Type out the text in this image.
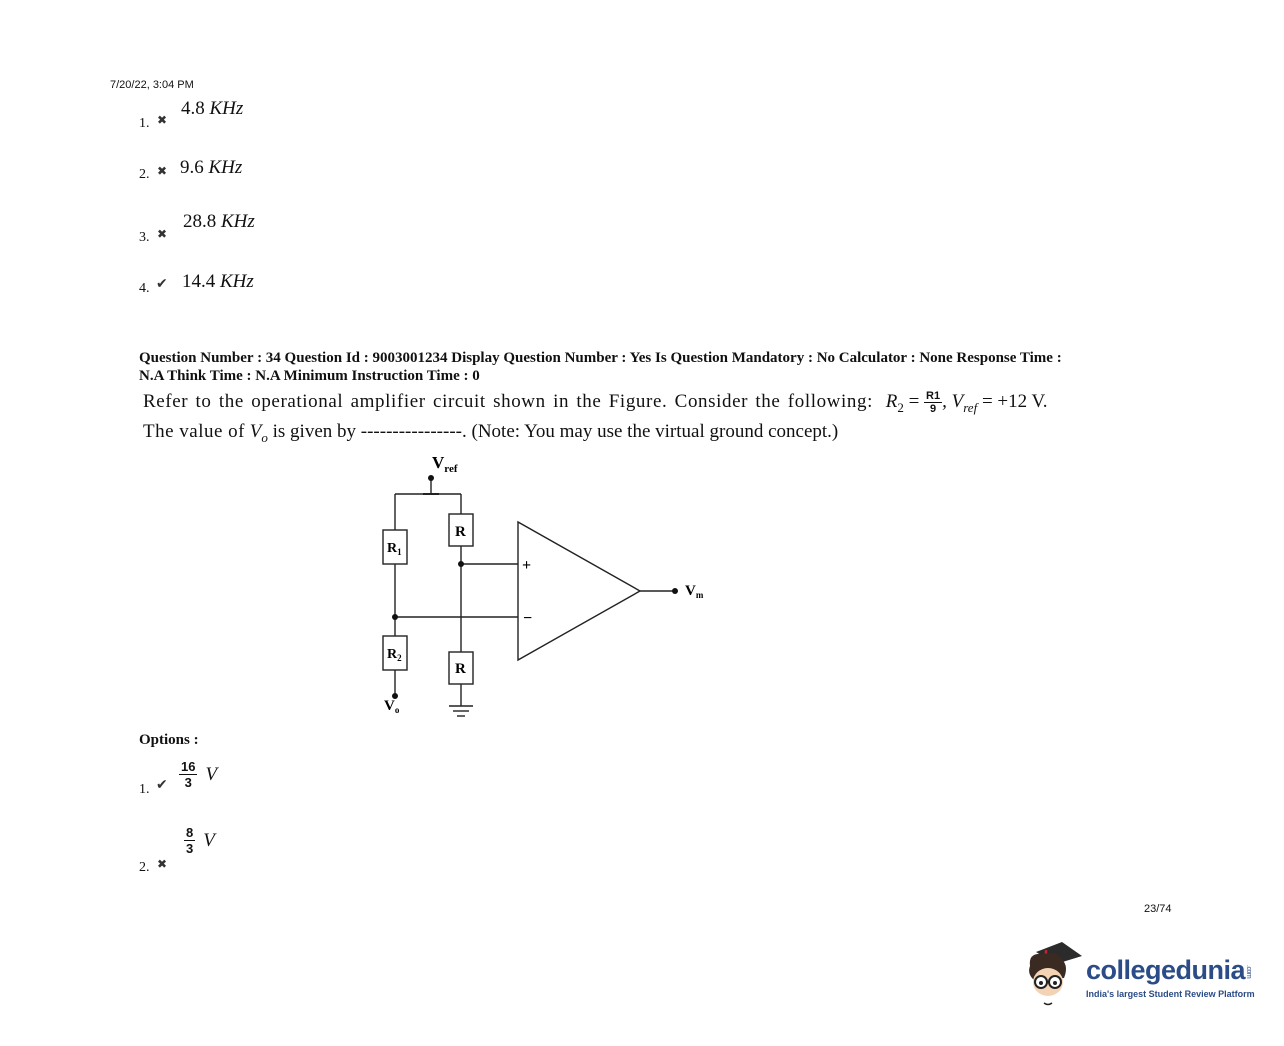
7/20/22, 3:04 PM
1. ✖
4.8 KHz
2. ✖ 9.6 KHz
3. ✖
28.8 KHz
4. ✔ 14.4 KHz
Question Number : 34 Question Id : 9003001234 Display Question Number : Yes Is Question Mandatory : No Calculator : None Response Time :
N.A Think Time : N.A Minimum Instruction Time : 0
Refer to the operational amplifier circuit shown in the Figure. Consider the following: $R_2 = \frac{R1}{9}$ , $V_{ref} = +12$ V.
The value of $V_o$ is given by ----------------. (Note: You may use the virtual ground concept.)
$V_{ref}$
$R_1$
$R_2$
R
R
+
−
$V_m$
$V_o$
Options :
1. ✔ $\frac{16}{3}$ V
2. ✖
$\frac{8}{3}$ V
23/74
collegedunia.com
India's largest Student Review Platform
